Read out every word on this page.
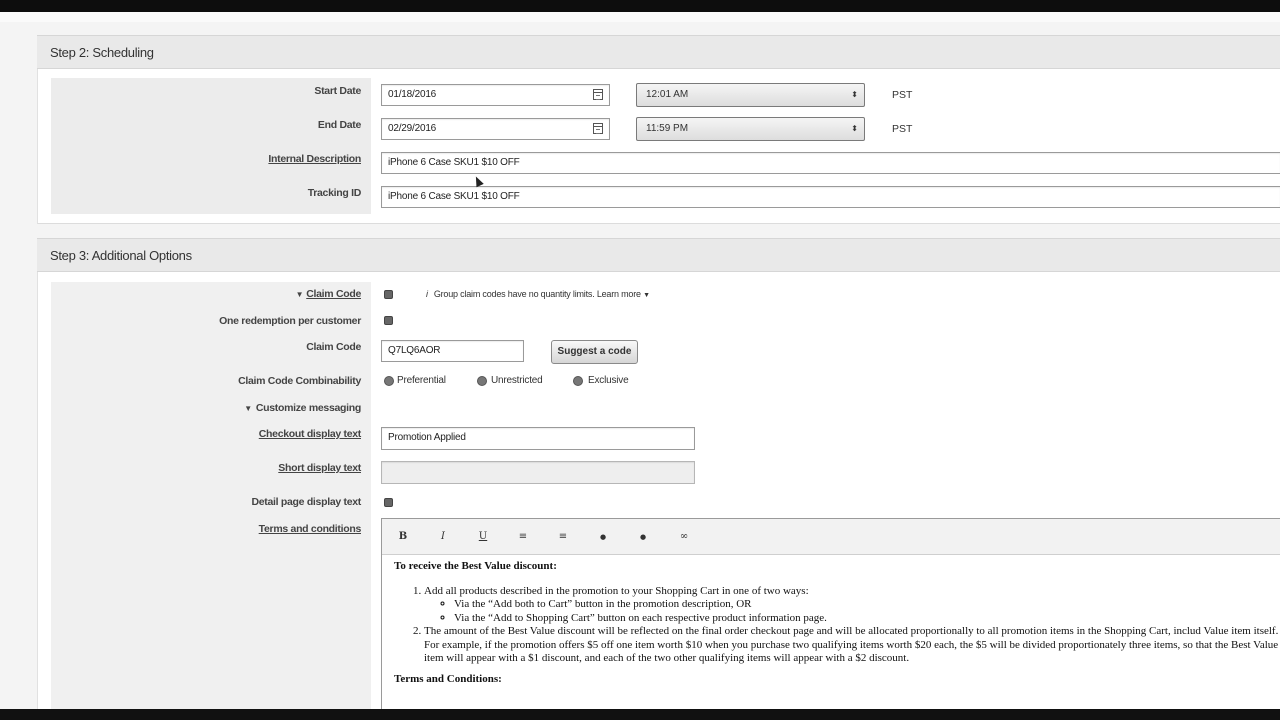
Step 2: Scheduling
Start Date	01/18/2016	12:01 AM	⬍	PST
End Date	02/29/2016	11:59 PM	⬍	PST
Internal Description	iPhone 6 Case SKU1 $10 OFF
Tracking ID	iPhone 6 Case SKU1 $10 OFF
Step 3: Additional Options
▼ Claim Code	i Group claim codes have no quantity limits. Learn more ▼
One redemption per customer
Claim Code	Q7LQ6AOR	Suggest a code
Claim Code Combinability	Preferential	Unrestricted	Exclusive
▼ Customize messaging
Checkout display text	Promotion Applied
Short display text
Detail page display text
Terms and conditions
B	I	U	≡	≡	●	●	∞

To receive the Best Value discount:

1. Add all products described in the promotion to your Shopping Cart in one of two ways:
◦ Via the “Add both to Cart” button in the promotion description, OR
◦ Via the “Add to Shopping Cart” button on each respective product information page.
2. The amount of the Best Value discount will be reflected on the final order checkout page and will be allocated proportionally to all promotion items in the Shopping Cart, includ Value item itself. For example, if the promotion offers $5 off one item worth $10 when you purchase two qualifying items worth $20 each, the $5 will be divided proportionately three items, so that the Best Value item will appear with a $1 discount, and each of the two other qualifying items will appear with a $2 discount.

Terms and Conditions:
